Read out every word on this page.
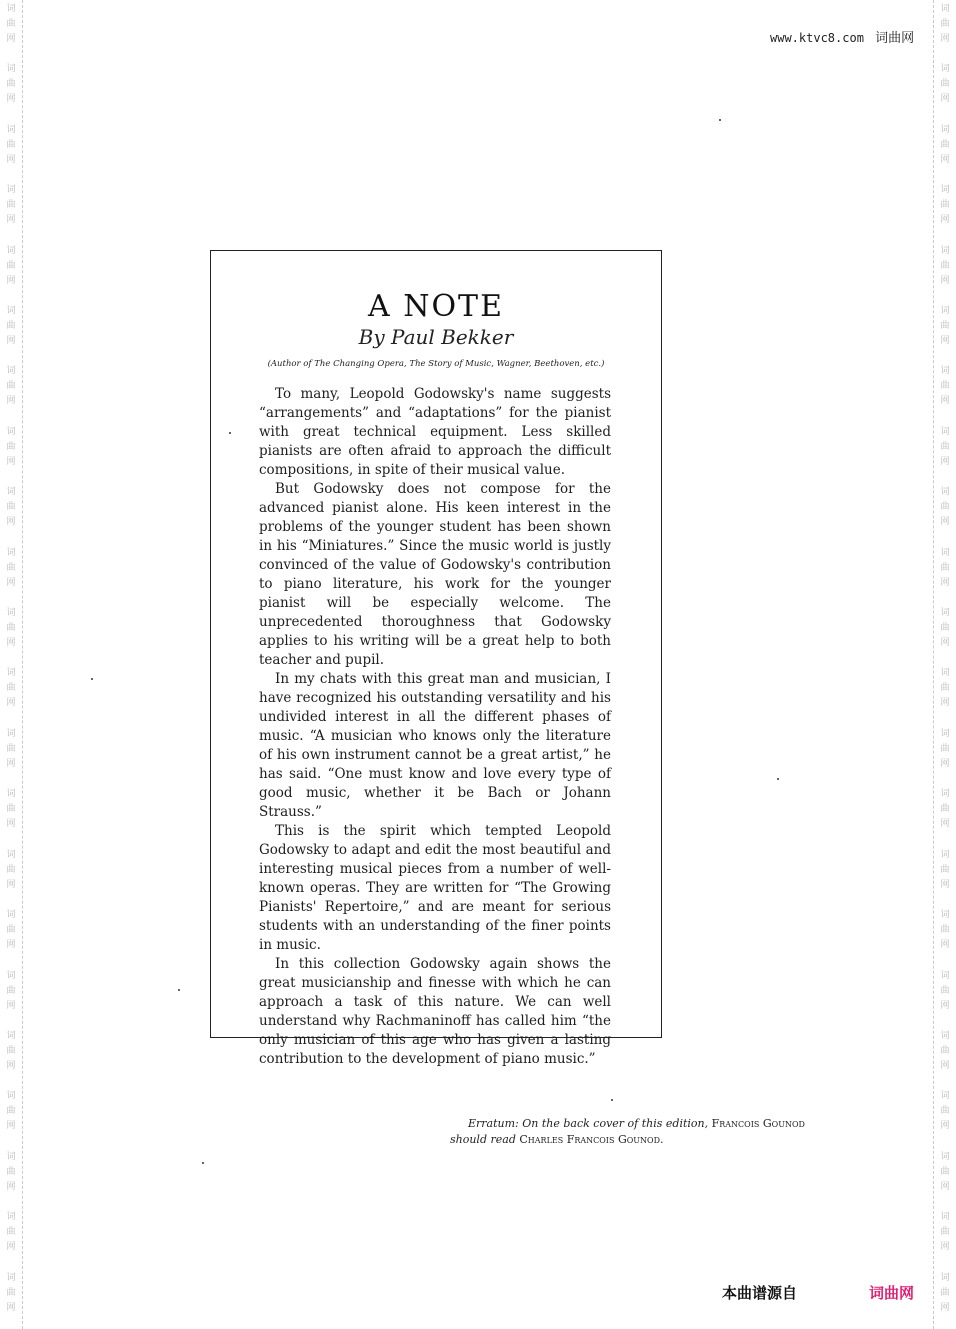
词
曲
网
词
曲
网
词
曲
网
词
曲
网
词
曲
网
词
曲
网
词
曲
网
词
曲
网
词
曲
网
词
曲
网
词
曲
网
词
曲
网
词
曲
网
词
曲
网
词
曲
网
词
曲
网
词
曲
网
词
曲
网
词
曲
网
词
曲
网
词
曲
网
词
曲
网
词
曲
网
词
曲
网
词
曲
网
词
曲
网
词
曲
网
词
曲
网
词
曲
网
词
曲
网
词
曲
网
词
曲
网
词
曲
网
词
曲
网
词
曲
网
词
曲
网
词
曲
网
词
曲
网
词
曲
网
词
曲
网
词
曲
网
词
曲
网
词
曲
网
词
曲
网
www.ktvc8.com 词曲网
A NOTE
By Paul Bekker
(Author of The Changing Opera, The Story of Music, Wagner, Beethoven, etc.)

To many, Leopold Godowsky's name suggests “arrangements” and “adaptations” for the pianist with great technical equipment. Less skilled pianists are often afraid to approach the difficult compositions, in spite of their musical value.

But Godowsky does not compose for the advanced pianist alone. His keen interest in the problems of the younger student has been shown in his “Miniatures.” Since the music world is justly convinced of the value of Godowsky's contribution to piano literature, his work for the younger pianist will be especially welcome. The unprecedented thoroughness that Godowsky applies to his writing will be a great help to both teacher and pupil.

In my chats with this great man and musician, I have recognized his outstanding versatility and his undivided interest in all the different phases of music. “A musician who knows only the literature of his own instrument cannot be a great artist,” he has said. “One must know and love every type of good music, whether it be Bach or Johann Strauss.”

This is the spirit which tempted Leopold Godowsky to adapt and edit the most beautiful and interesting musical pieces from a number of well-known operas. They are written for “The Growing Pianists' Repertoire,” and are meant for serious students with an understanding of the finer points in music.

In this collection Godowsky again shows the great musicianship and finesse with which he can approach a task of this nature. We can well understand why Rachmaninoff has called him “the only musician of this age who has given a lasting contribution to the development of piano music.”

Erratum: On the back cover of this edition, Francois Gounod
should read Charles Francois Gounod.
本曲谱源自	词曲网
